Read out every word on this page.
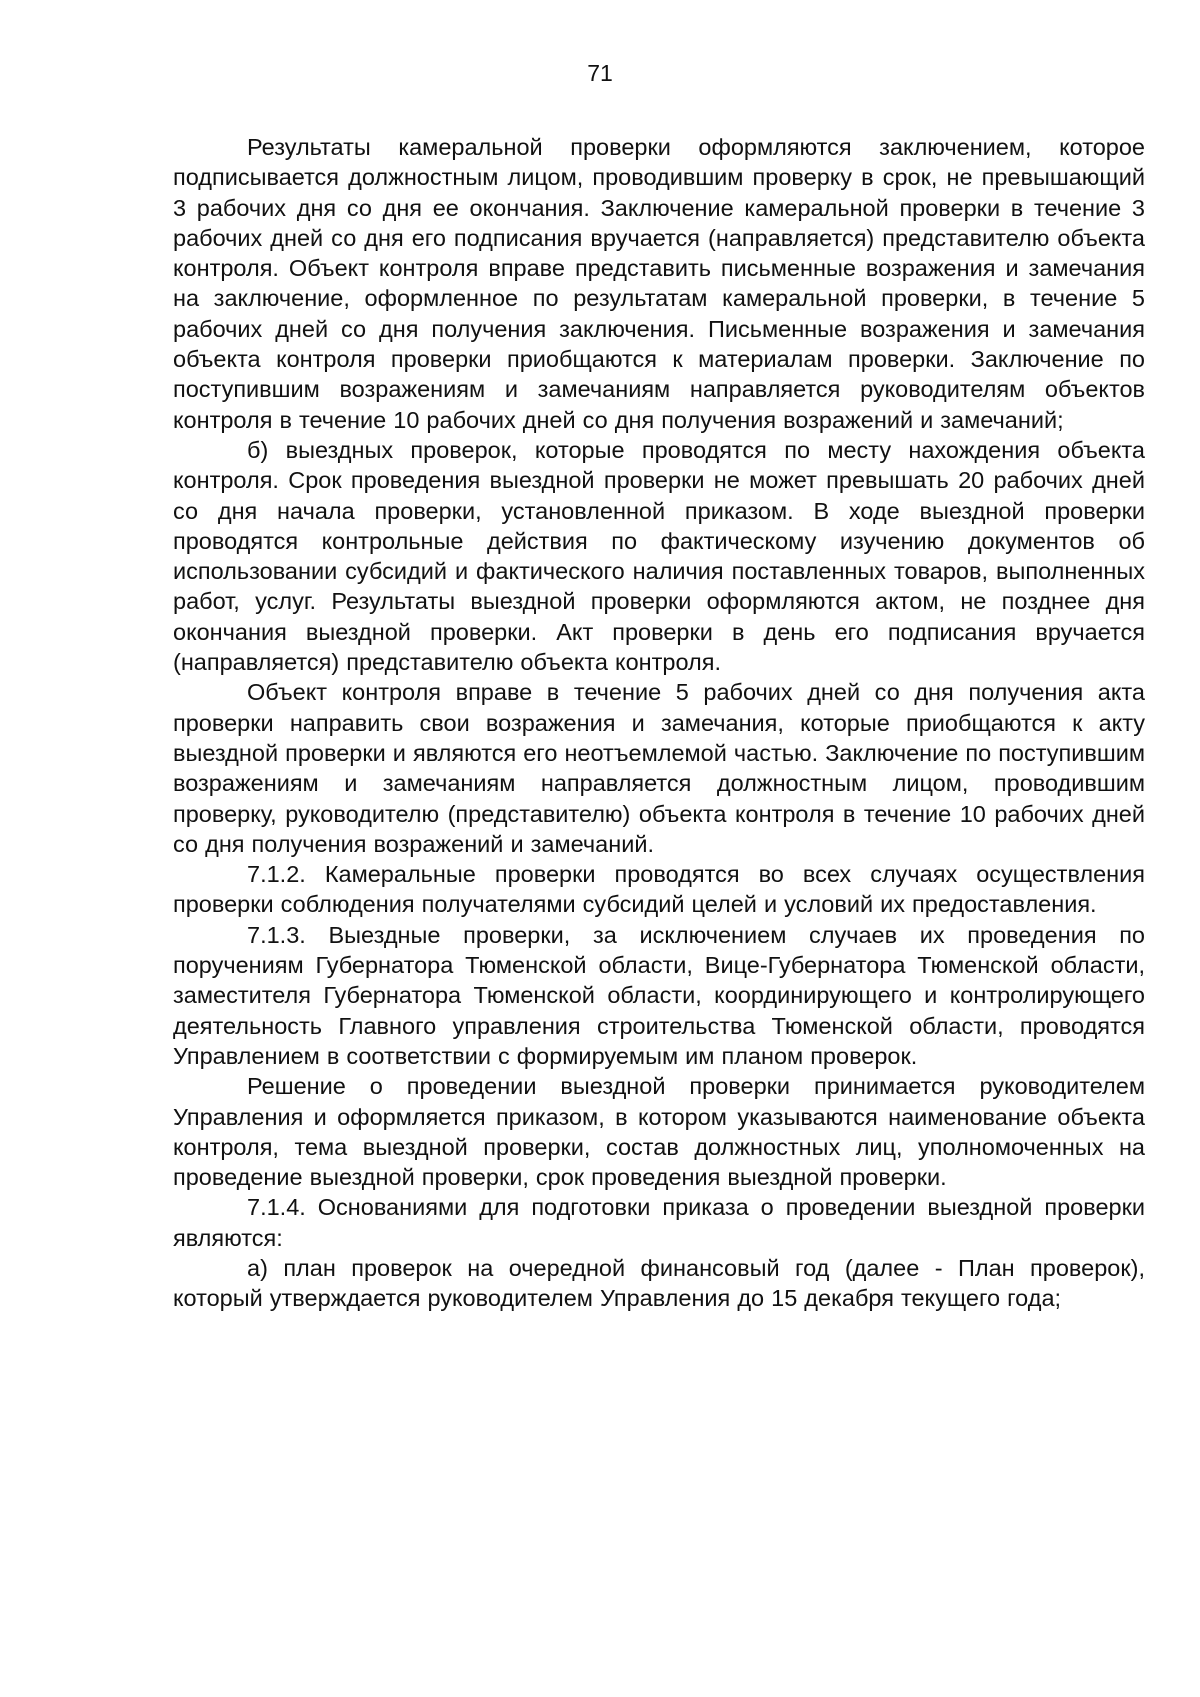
71

Результаты камеральной проверки оформляются заключением, которое подписывается должностным лицом, проводившим проверку в срок, не превышающий 3 рабочих дня со дня ее окончания. Заключение камеральной проверки в течение 3 рабочих дней со дня его подписания вручается (направляется) представителю объекта контроля. Объект контроля вправе представить письменные возражения и замечания на заключение, оформленное по результатам камеральной проверки, в течение 5 рабочих дней со дня получения заключения. Письменные возражения и замечания объекта контроля проверки приобщаются к материалам проверки. Заключение по поступившим возражениям и замечаниям направляется руководителям объектов контроля в течение 10 рабочих дней со дня получения возражений и замечаний;

б) выездных проверок, которые проводятся по месту нахождения объекта контроля. Срок проведения выездной проверки не может превышать 20 рабочих дней со дня начала проверки, установленной приказом. В ходе выездной проверки проводятся контрольные действия по фактическому изучению документов об использовании субсидий и фактического наличия поставленных товаров, выполненных работ, услуг. Результаты выездной проверки оформляются актом, не позднее дня окончания выездной проверки. Акт проверки в день его подписания вручается (направляется) представителю объекта контроля.

Объект контроля вправе в течение 5 рабочих дней со дня получения акта проверки направить свои возражения и замечания, которые приобщаются к акту выездной проверки и являются его неотъемлемой частью. Заключение по поступившим возражениям и замечаниям направляется должностным лицом, проводившим проверку, руководителю (представителю) объекта контроля в течение 10 рабочих дней со дня получения возражений и замечаний.

7.1.2. Камеральные проверки проводятся во всех случаях осуществления проверки соблюдения получателями субсидий целей и условий их предоставления.

7.1.3. Выездные проверки, за исключением случаев их проведения по поручениям Губернатора Тюменской области, Вице-Губернатора Тюменской области, заместителя Губернатора Тюменской области, координирующего и контролирующего деятельность Главного управления строительства Тюменской области, проводятся Управлением в соответствии с формируемым им планом проверок.

Решение о проведении выездной проверки принимается руководителем Управления и оформляется приказом, в котором указываются наименование объекта контроля, тема выездной проверки, состав должностных лиц, уполномоченных на проведение выездной проверки, срок проведения выездной проверки.

7.1.4. Основаниями для подготовки приказа о проведении выездной проверки являются:

а) план проверок на очередной финансовый год (далее - План проверок), который утверждается руководителем Управления до 15 декабря текущего года;
